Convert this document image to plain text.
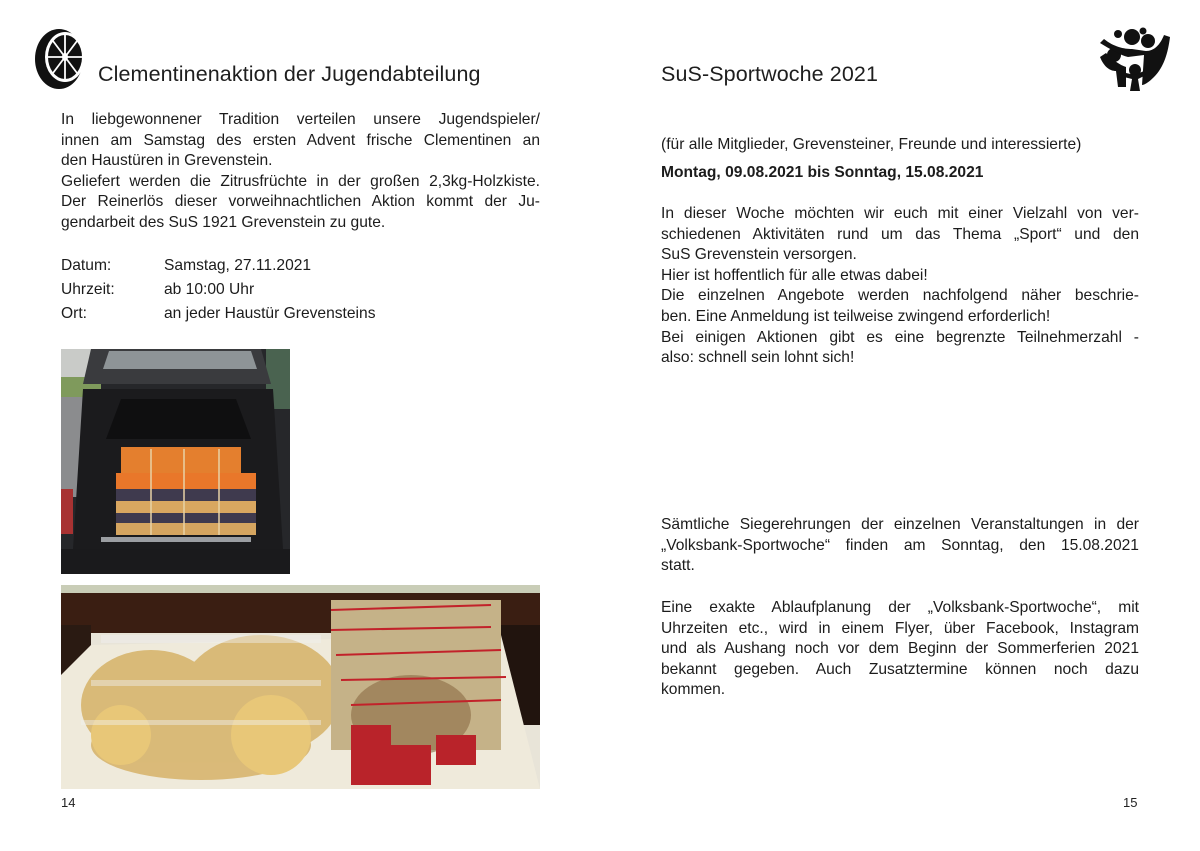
Clementinenaktion der Jugendabteilung
In liebgewonnener Tradition verteilen unsere Jugendspieler/
innen am Samstag des ersten Advent frische Clementinen an
den Haustüren in Grevenstein.
Geliefert werden die Zitrusfrüchte in der großen 2,3kg-Holzkiste.
Der Reinerlös dieser vorweihnachtlichen Aktion kommt der Ju-
gendarbeit des SuS 1921 Grevenstein zu gute.
Datum:	Samstag, 27.11.2021
Uhrzeit:	ab 10:00 Uhr
Ort:	an jeder Haustür Grevensteins
14
SuS-Sportwoche 2021
(für alle Mitglieder, Grevensteiner, Freunde und interessierte)
Montag, 09.08.2021 bis Sonntag, 15.08.2021
In dieser Woche möchten wir euch mit einer Vielzahl von ver-
schiedenen Aktivitäten rund um das Thema „Sport“ und den
SuS Grevenstein versorgen.
Hier ist hoffentlich für alle etwas dabei!
Die einzelnen Angebote werden nachfolgend näher beschrie-
ben. Eine Anmeldung ist teilweise zwingend erforderlich!
Bei einigen Aktionen gibt es eine begrenzte Teilnehmerzahl -
also: schnell sein lohnt sich!
Sämtliche Siegerehrungen der einzelnen Veranstaltungen in der
„Volksbank-Sportwoche“ finden am Sonntag, den 15.08.2021
statt.
Eine exakte Ablaufplanung der „Volksbank-Sportwoche“, mit
Uhrzeiten etc., wird in einem Flyer, über Facebook, Instagram
und als Aushang noch vor dem Beginn der Sommerferien 2021
bekannt gegeben. Auch Zusatztermine können noch dazu
kommen.
15
